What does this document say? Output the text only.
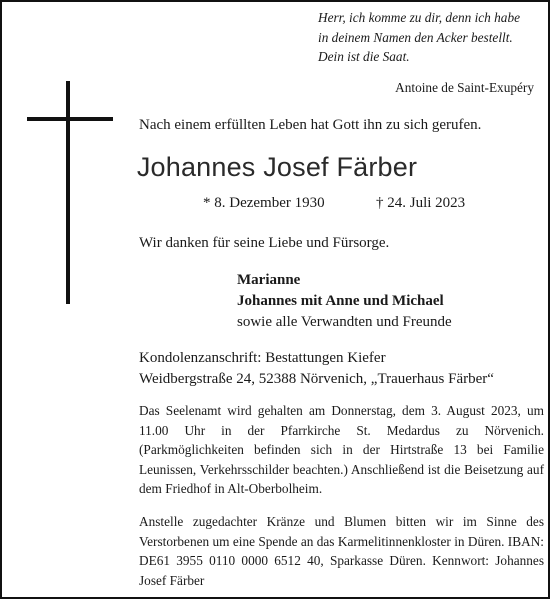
Herr, ich komme zu dir, denn ich habe
in deinem Namen den Acker bestellt.
Dein ist die Saat.
Antoine de Saint-Exupéry
Nach einem erfüllten Leben hat Gott ihn zu sich gerufen.
Johannes Josef Färber
* 8. Dezember 1930	† 24. Juli 2023
Wir danken für seine Liebe und Fürsorge.
Marianne
Johannes mit Anne und Michael
sowie alle Verwandten und Freunde
Kondolenzanschrift: Bestattungen Kiefer
Weidbergstraße 24, 52388 Nörvenich, „Trauerhaus Färber“
Das Seelenamt wird gehalten am Donnerstag, dem 3. August 2023, um 11.00 Uhr in der Pfarrkirche St. Medardus zu Nörvenich. (Parkmöglichkeiten befinden sich in der Hirtstraße 13 bei Familie Leunissen, Verkehrsschilder beachten.) Anschließend ist die Beisetzung auf dem Friedhof in Alt-Oberbolheim.
Anstelle zugedachter Kränze und Blumen bitten wir im Sinne des Verstorbenen um eine Spende an das Karmelitinnenkloster in Düren. IBAN: DE61 3955 0110 0000 6512 40, Sparkasse Düren. Kennwort: Johannes Josef Färber
